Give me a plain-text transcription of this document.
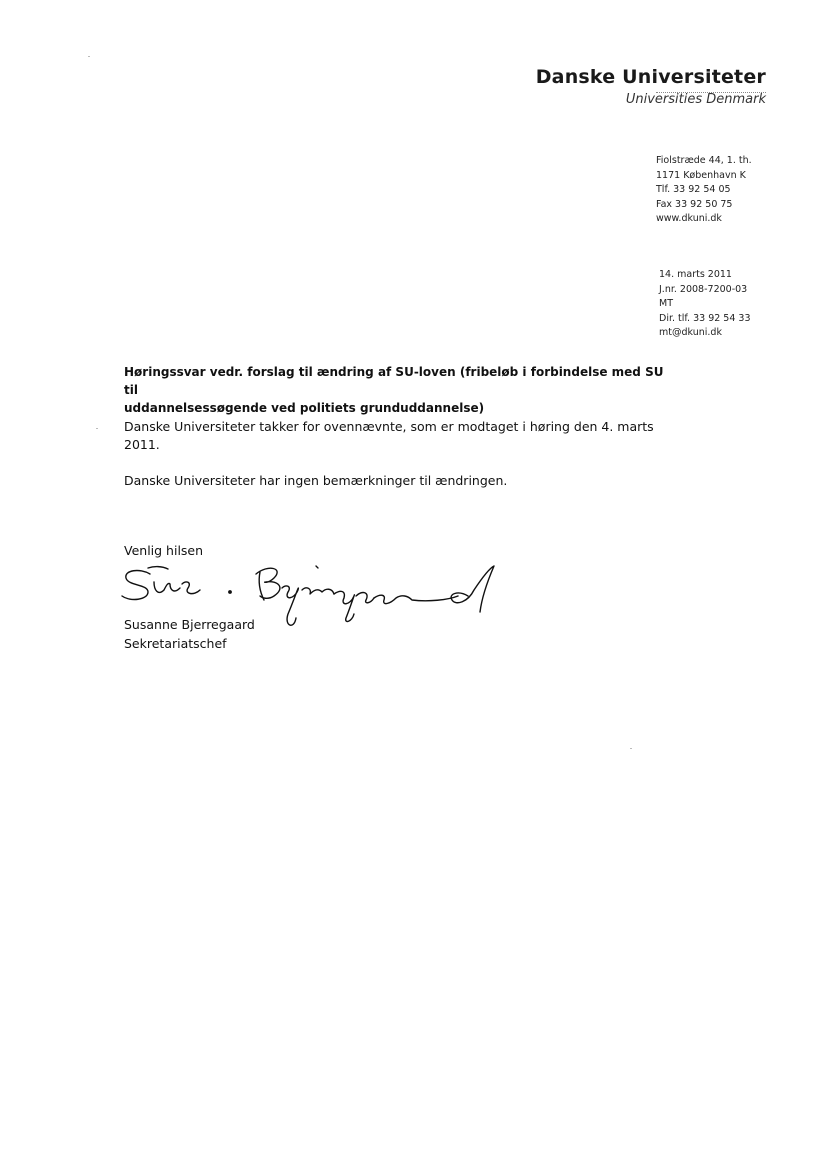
Danske Universiteter
Universities Denmark
Fiolstræde 44, 1. th.
1171 København K
Tlf. 33 92 54 05
Fax 33 92 50 75
www.dkuni.dk
14. marts 2011
J.nr. 2008-7200-03
MT
Dir. tlf. 33 92 54 33
mt@dkuni.dk
Høringssvar vedr. forslag til ændring af SU-loven (fribeløb i forbindelse med SU til
uddannelsessøgende ved politiets grunduddannelse)
Danske Universiteter takker for ovennævnte, som er modtaget i høring den 4. marts
2011.
Danske Universiteter har ingen bemærkninger til ændringen.
Venlig hilsen
Susanne Bjerregaard
Sekretariatschef
